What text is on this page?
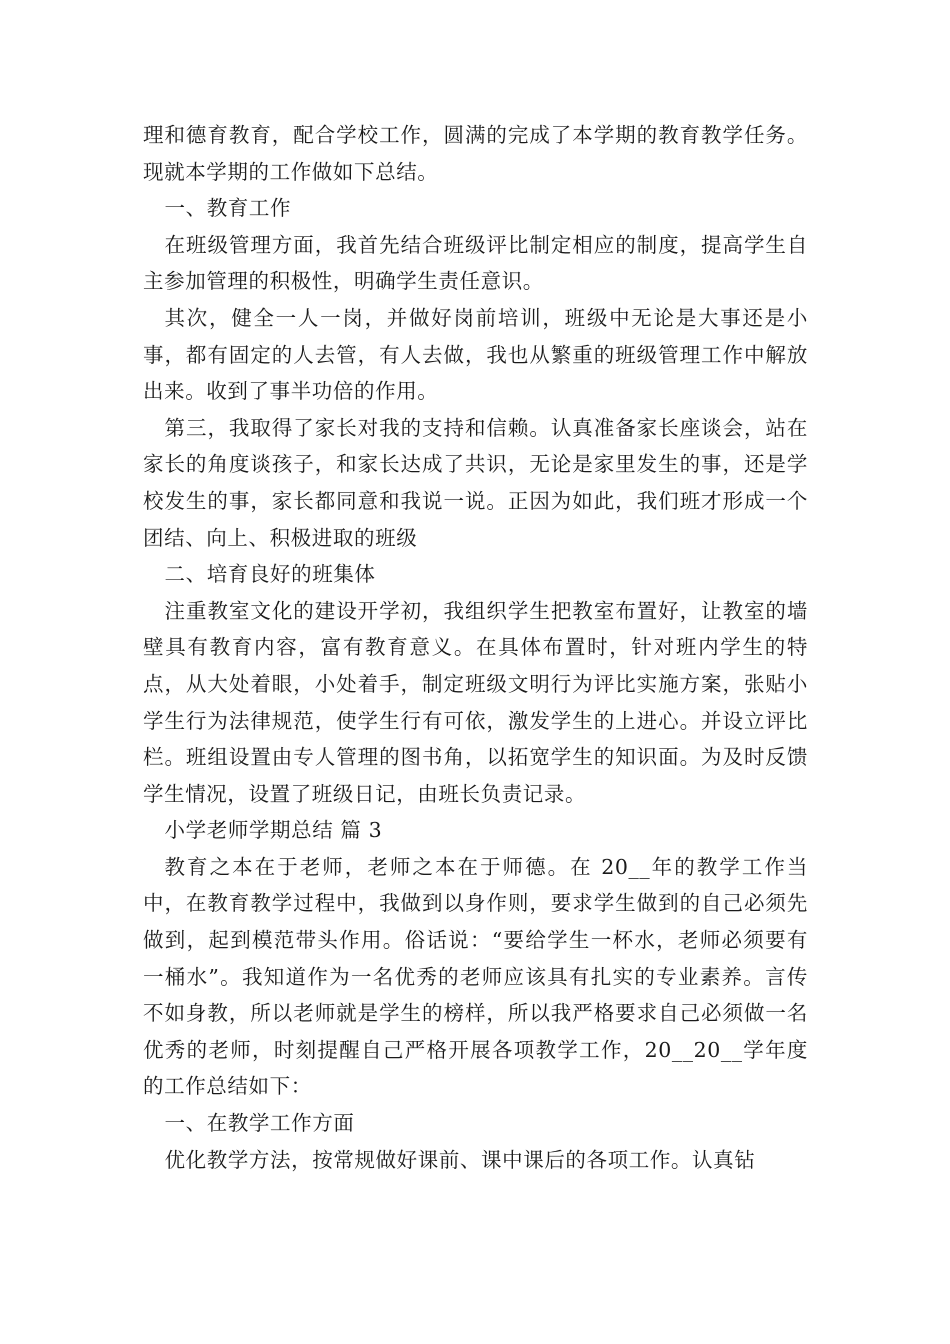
理和德育教育，配合学校工作，圆满的完成了本学期的教育教学任务。现就本学期的工作做如下总结。

一、教育工作

在班级管理方面，我首先结合班级评比制定相应的制度，提高学生自主参加管理的积极性，明确学生责任意识。

其次，健全一人一岗，并做好岗前培训，班级中无论是大事还是小事，都有固定的人去管，有人去做，我也从繁重的班级管理工作中解放出来。收到了事半功倍的作用。

第三，我取得了家长对我的支持和信赖。认真准备家长座谈会，站在家长的角度谈孩子，和家长达成了共识，无论是家里发生的事，还是学校发生的事，家长都同意和我说一说。正因为如此，我们班才形成一个团结、向上、积极进取的班级

二、培育良好的班集体

注重教室文化的建设开学初，我组织学生把教室布置好，让教室的墙壁具有教育内容，富有教育意义。在具体布置时，针对班内学生的特点，从大处着眼，小处着手，制定班级文明行为评比实施方案，张贴小学生行为法律规范，使学生行有可依，激发学生的上进心。并设立评比栏。班组设置由专人管理的图书角，以拓宽学生的知识面。为及时反馈学生情况，设置了班级日记，由班长负责记录。

小学老师学期总结 篇 3

教育之本在于老师，老师之本在于师德。在 20__年的教学工作当中，在教育教学过程中，我做到以身作则，要求学生做到的自己必须先做到，起到模范带头作用。俗话说：“要给学生一杯水，老师必须要有一桶水”。我知道作为一名优秀的老师应该具有扎实的专业素养。言传不如身教，所以老师就是学生的榜样，所以我严格要求自己必须做一名优秀的老师，时刻提醒自己严格开展各项教学工作，20__20__学年度的工作总结如下：

一、在教学工作方面

优化教学方法，按常规做好课前、课中课后的各项工作。认真钻
